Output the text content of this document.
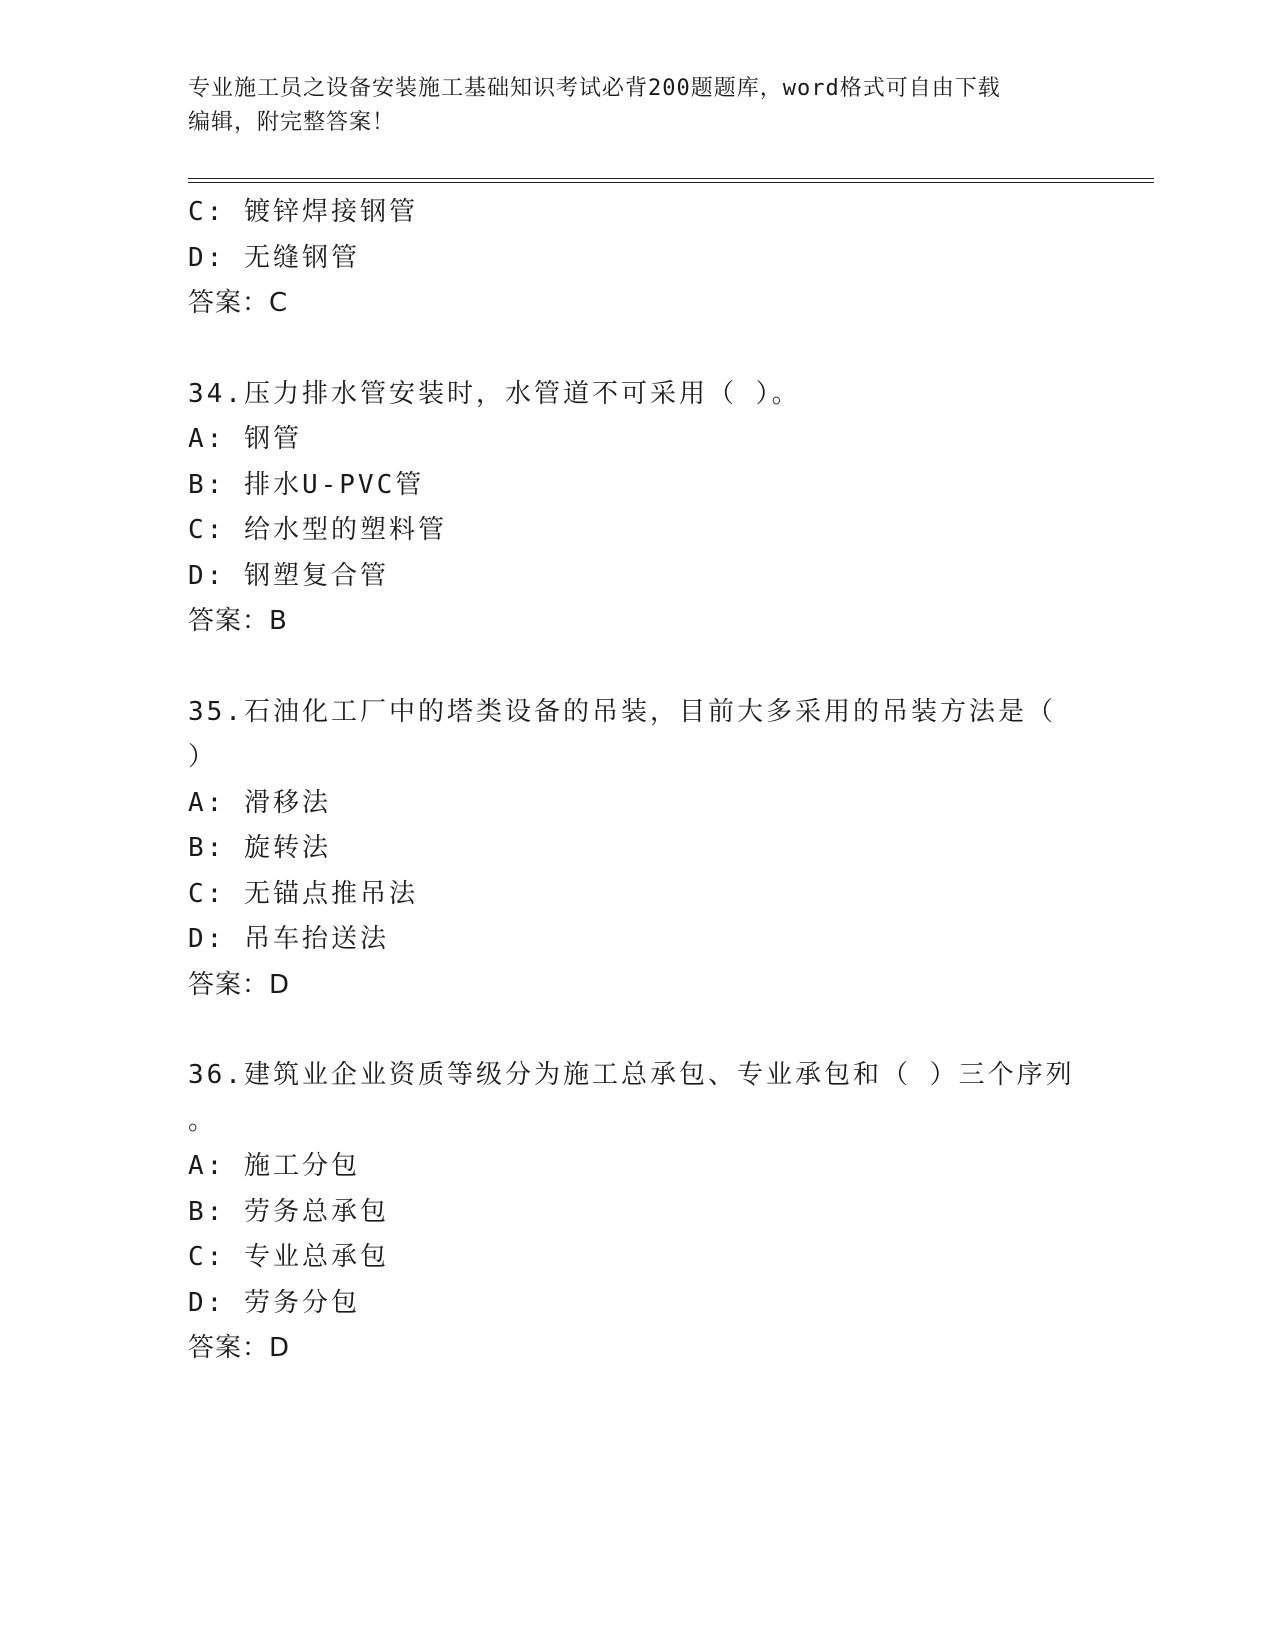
专业施工员之设备安装施工基础知识考试必背200题题库，word格式可自由下载
编辑，附完整答案！
C: 镀锌焊接钢管
D: 无缝钢管
答案：C
34.压力排水管安装时，水管道不可采用（ ）。
A: 钢管
B: 排水U-PVC管
C: 给水型的塑料管
D: 钢塑复合管
答案：B
35.石油化工厂中的塔类设备的吊装，目前大多采用的吊装方法是（
）
A: 滑移法
B: 旋转法
C: 无锚点推吊法
D: 吊车抬送法
答案：D
36.建筑业企业资质等级分为施工总承包、专业承包和（ ）三个序列
。
A: 施工分包
B: 劳务总承包
C: 专业总承包
D: 劳务分包
答案：D
